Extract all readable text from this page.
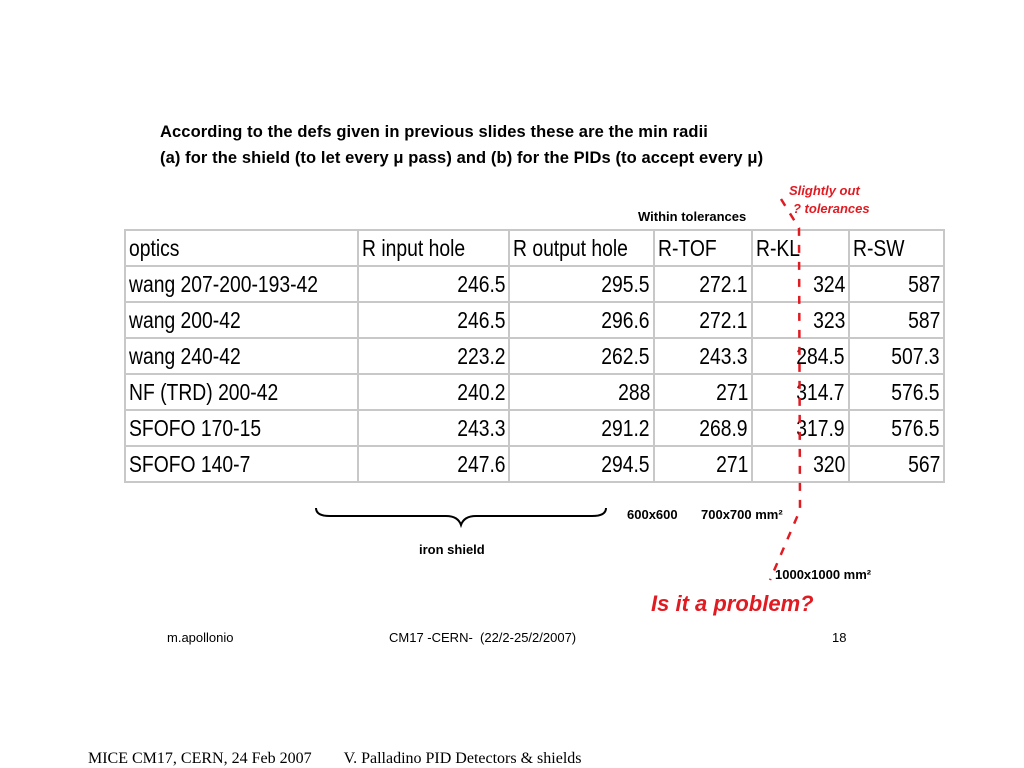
According to the defs given in previous slides these are the min radii
(a) for the shield (to let every μ pass) and (b) for the PIDs (to accept every μ)
Slightly out
? tolerances
Within tolerances
optics	R input hole	R output hole	R-TOF	R-KL	R-SW
wang 207-200-193-42	246.5	295.5	272.1	324	587
wang 200-42	246.5	296.6	272.1	323	587
wang 240-42	223.2	262.5	243.3	284.5	507.3
NF (TRD) 200-42	240.2	288	271	314.7	576.5
SFOFO 170-15	243.3	291.2	268.9	317.9	576.5
SFOFO 140-7	247.6	294.5	271	320	567
600x600 700x700 mm²
iron shield
1000x1000 mm²
Is it a problem?
m.apollonio	CM17 -CERN-  (22/2-25/2/2007)	18
MICE CM17, CERN, 24 Feb 2007 V. Palladino PID Detectors & shields
